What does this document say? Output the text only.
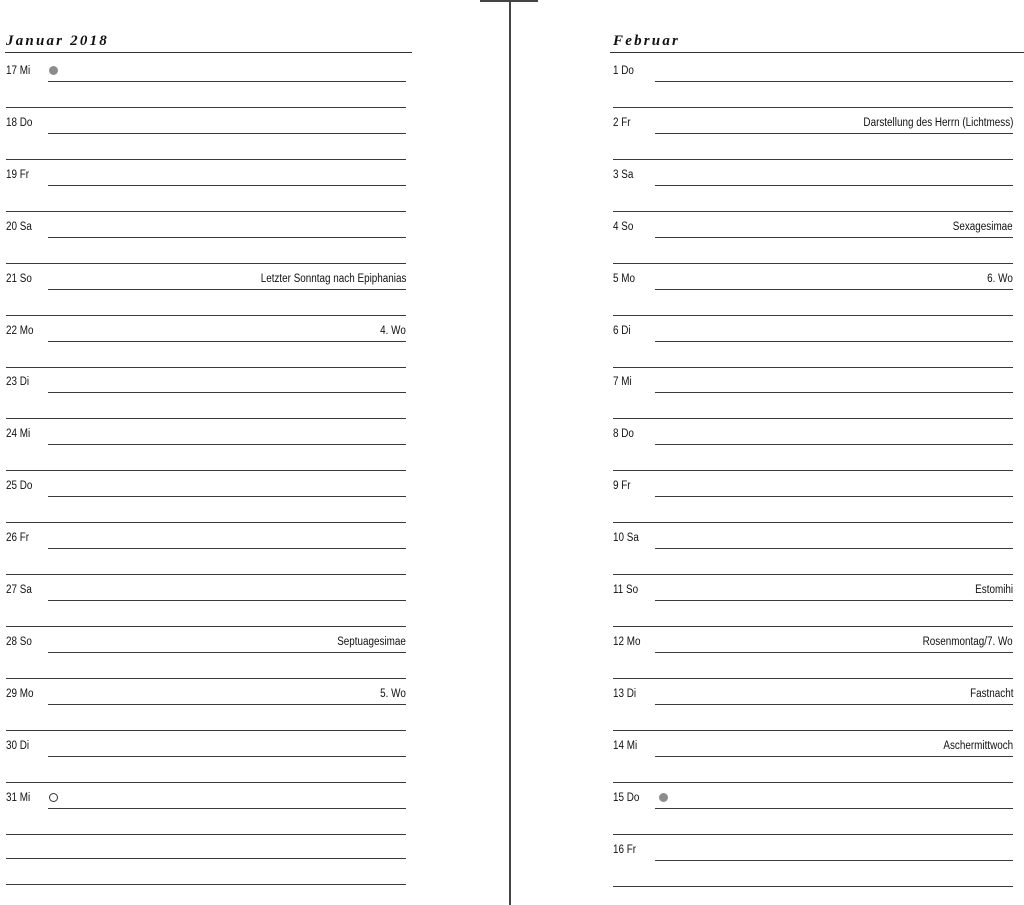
Januar 2018
17 Mi
18 Do
19 Fr
20 Sa
21 So	Letzter Sonntag nach Epiphanias
22 Mo	4. Wo
23 Di
24 Mi
25 Do
26 Fr
27 Sa
28 So	Septuagesimae
29 Mo	5. Wo
30 Di
31 Mi
Februar
1 Do
2 Fr	Darstellung des Herrn (Lichtmess)
3 Sa
4 So	Sexagesimae
5 Mo	6. Wo
6 Di
7 Mi
8 Do
9 Fr
10 Sa
11 So	Estomihi
12 Mo	Rosenmontag/7. Wo
13 Di	Fastnacht
14 Mi	Aschermittwoch
15 Do
16 Fr
